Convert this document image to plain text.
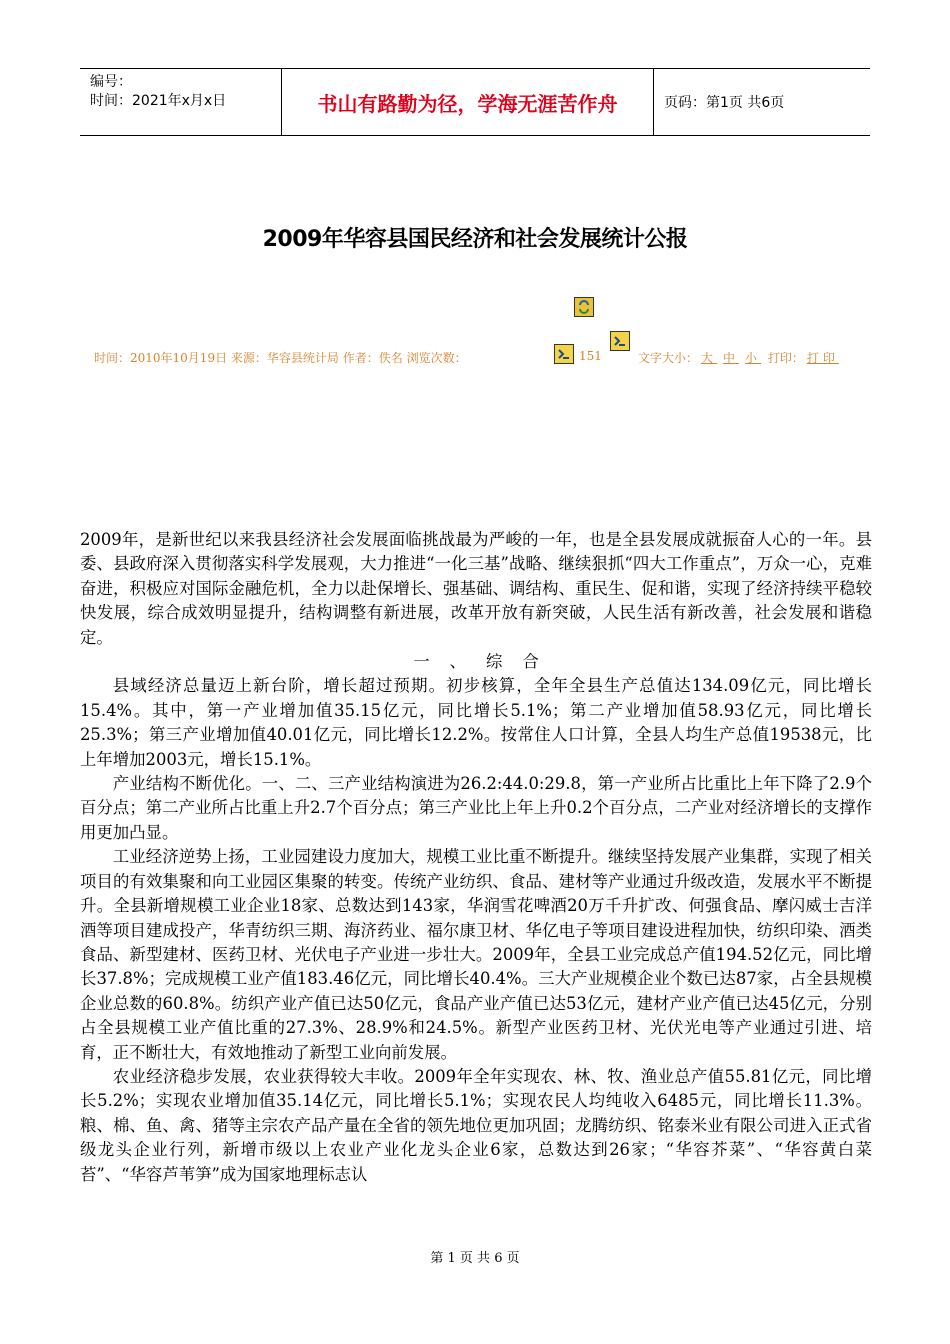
编号：
时间：2021年x月x日	书山有路勤为径，学海无涯苦作舟	页码：第1页 共6页
2009年华容县国民经济和社会发展统计公报
时间：2010年10月19日 来源：华容县统计局 作者：佚名 浏览次数：	151	文字大小： 大 中 小 打印： 打印

2009年，是新世纪以来我县经济社会发展面临挑战最为严峻的一年，也是全县发展成就振奋人心的一年。县委、县政府深入贯彻落实科学发展观，大力推进“一化三基”战略、继续狠抓“四大工作重点”，万众一心，克难奋进，积极应对国际金融危机，全力以赴保增长、强基础、调结构、重民生、促和谐，实现了经济持续平稳较快发展，综合成效明显提升，结构调整有新进展，改革开放有新突破，人民生活有新改善，社会发展和谐稳定。

一、综合

县域经济总量迈上新台阶，增长超过预期。初步核算，全年全县生产总值达134.09亿元，同比增长15.4%。其中，第一产业增加值35.15亿元，同比增长5.1%；第二产业增加值58.93亿元，同比增长25.3%；第三产业增加值40.01亿元，同比增长12.2%。按常住人口计算，全县人均生产总值19538元，比上年增加2003元，增长15.1%。

产业结构不断优化。一、二、三产业结构演进为26.2:44.0:29.8，第一产业所占比重比上年下降了2.9个百分点；第二产业所占比重上升2.7个百分点；第三产业比上年上升0.2个百分点，二产业对经济增长的支撑作用更加凸显。

工业经济逆势上扬，工业园建设力度加大，规模工业比重不断提升。继续坚持发展产业集群，实现了相关项目的有效集聚和向工业园区集聚的转变。传统产业纺织、食品、建材等产业通过升级改造，发展水平不断提升。全县新增规模工业企业18家、总数达到143家，华润雪花啤酒20万千升扩改、何强食品、摩闪威士吉洋酒等项目建成投产，华青纺织三期、海济药业、福尔康卫材、华亿电子等项目建设进程加快，纺织印染、酒类食品、新型建材、医药卫材、光伏电子产业进一步壮大。2009年，全县工业完成总产值194.52亿元，同比增长37.8%；完成规模工业产值183.46亿元，同比增长40.4%。三大产业规模企业个数已达87家，占全县规模企业总数的60.8%。纺织产业产值已达50亿元，食品产业产值已达53亿元，建材产业产值已达45亿元，分别占全县规模工业产值比重的27.3%、28.9%和24.5%。新型产业医药卫材、光伏光电等产业通过引进、培育，正不断壮大，有效地推动了新型工业向前发展。

农业经济稳步发展，农业获得较大丰收。2009年全年实现农、林、牧、渔业总产值55.81亿元，同比增长5.2%；实现农业增加值35.14亿元，同比增长5.1%；实现农民人均纯收入6485元，同比增长11.3%。粮、棉、鱼、禽、猪等主宗农产品产量在全省的领先地位更加巩固；龙腾纺织、铭泰米业有限公司进入正式省级龙头企业行列，新增市级以上农业产业化龙头企业6家，总数达到26家；“华容芥菜”、“华容黄白菜苔”、“华容芦苇笋”成为国家地理标志认

第 1 页 共 6 页
